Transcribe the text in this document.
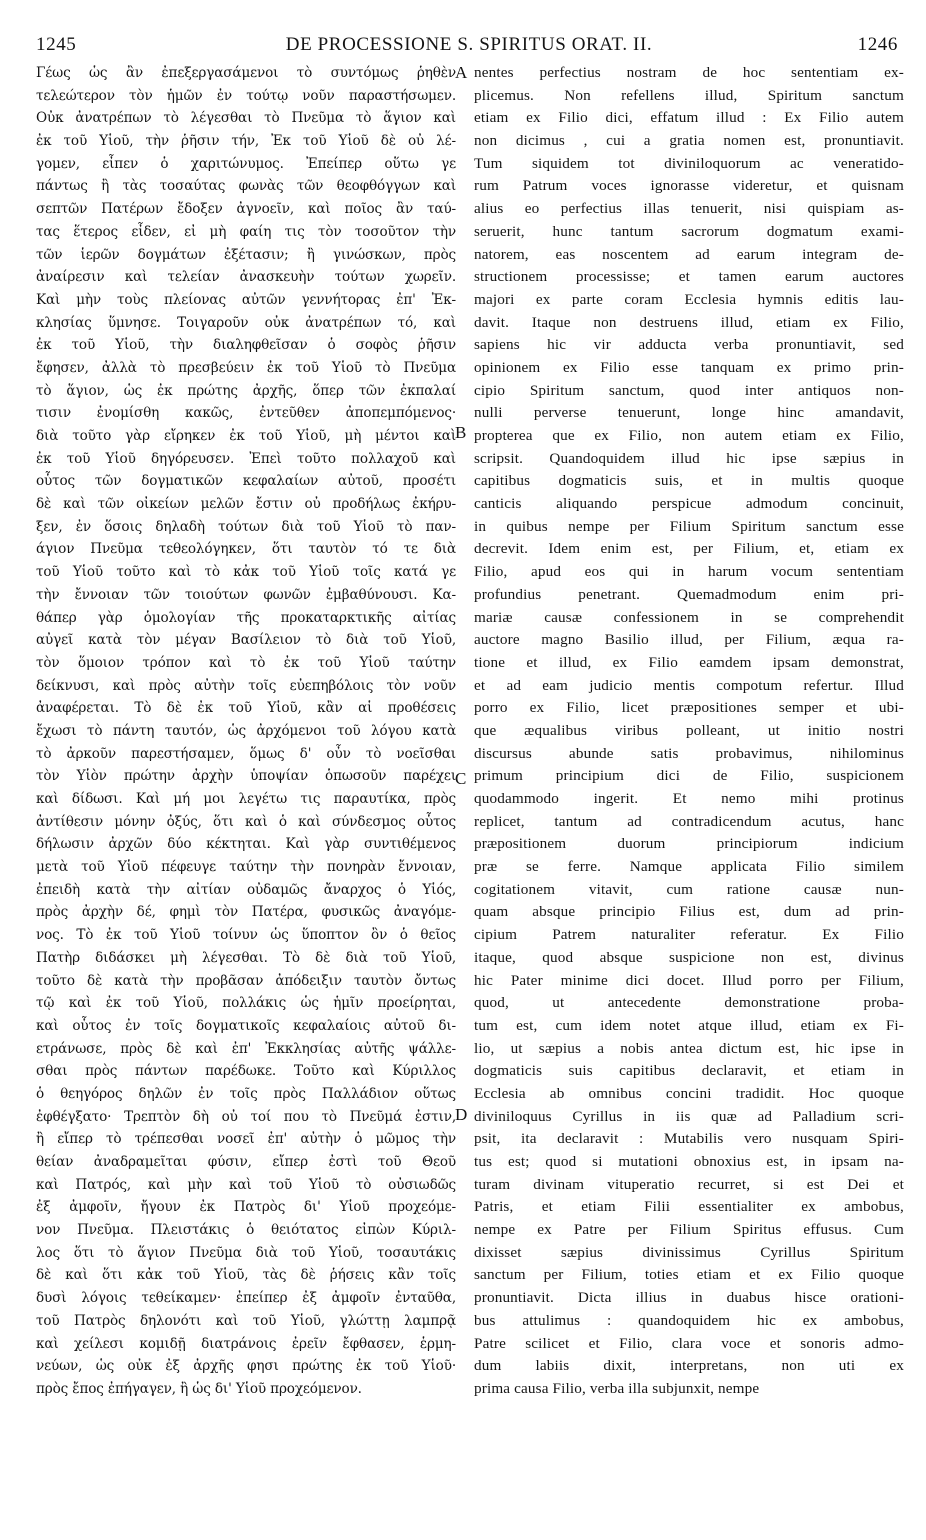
1245	DE PROCESSIONE S. SPIRITUS ORAT. II.	1246
Γέως ὡς ἂν ἐπεξεργασάμενοι τὸ συντόμως ῥηθὲν
τελεώτερον τὸν ἡμῶν ἐν τούτῳ νοῦν παραστήσωμεν.
Οὐκ ἀνατρέπων τὸ λέγεσθαι τὸ Πνεῦμα τὸ ἅγιον καὶ
ἐκ τοῦ Υἱοῦ, τὴν ῥῆσιν τήν, Ἐκ τοῦ Υἱοῦ δὲ οὐ λέ-
γομεν, εἶπεν ὁ χαριτώνυμος. Ἐπείπερ οὕτω γε
πάντως ἢ τὰς τοσαύτας φωνὰς τῶν θεοφθόγγων καὶ
σεπτῶν Πατέρων ἔδοξεν ἀγνοεῖν, καὶ ποῖος ἂν ταύ-
τας ἕτερος εἶδεν, εἰ μὴ φαίη τις τὸν τοσοῦτον τὴν
τῶν ἱερῶν δογμάτων ἐξέτασιν; ἢ γινώσκων, πρὸς
ἀναίρεσιν καὶ τελείαν ἀνασκευὴν τούτων χωρεῖν.
Καὶ μὴν τοὺς πλείονας αὐτῶν γεννήτορας ἐπ' Ἐκ-
κλησίας ὕμνησε. Τοιγαροῦν οὐκ ἀνατρέπων τό, καὶ
ἐκ τοῦ Υἱοῦ, τὴν διαληφθεῖσαν ὁ σοφὸς ῥῆσιν
ἔφησεν, ἀλλὰ τὸ πρεσβεύειν ἐκ τοῦ Υἱοῦ τὸ Πνεῦμα
τὸ ἅγιον, ὡς ἐκ πρώτης ἀρχῆς, ὅπερ τῶν ἐκπαλαί
τισιν ἐνομίσθη κακῶς, ἐντεῦθεν ἀποπεμπόμενος·
διὰ τοῦτο γὰρ εἴρηκεν ἐκ τοῦ Υἱοῦ, μὴ μέντοι καὶ
ἐκ τοῦ Υἱοῦ δηγόρευσεν. Ἐπεὶ τοῦτο πολλαχοῦ καὶ
οὗτος τῶν δογματικῶν κεφαλαίων αὐτοῦ, προσέτι
δὲ καὶ τῶν οἰκείων μελῶν ἔστιν οὐ προδήλως ἐκήρυ-
ξεν, ἐν ὅσοις δηλαδὴ τούτων διὰ τοῦ Υἱοῦ τὸ παν-
άγιον Πνεῦμα τεθεολόγηκεν, ὅτι ταυτὸν τό τε διὰ
τοῦ Υἱοῦ τοῦτο καὶ τὸ κἀκ τοῦ Υἱοῦ τοῖς κατά γε
τὴν ἔννοιαν τῶν τοιούτων φωνῶν ἐμβαθύνουσι. Κα-
θάπερ γὰρ ὁμολογίαν τῆς προκαταρκτικῆς αἰτίας
αὐγεῖ κατὰ τὸν μέγαν Βασίλειον τὸ διὰ τοῦ Υἱοῦ,
τὸν ὅμοιον τρόπον καὶ τὸ ἐκ τοῦ Υἱοῦ ταύτην
δείκνυσι, καὶ πρὸς αὐτὴν τοῖς εὐεπηβόλοις τὸν νοῦν
ἀναφέρεται. Τὸ δὲ ἐκ τοῦ Υἱοῦ, κἂν αἱ προθέσεις
ἔχωσι τὸ πάντη ταυτόν, ὡς ἀρχόμενοι τοῦ λόγου κατὰ
τὸ ἀρκοῦν παρεστήσαμεν, ὅμως δ' οὖν τὸ νοεῖσθαι
τὸν Υἱὸν πρώτην ἀρχὴν ὑποψίαν ὁπωσοῦν παρέχει
καὶ δίδωσι. Καὶ μή μοι λεγέτω τις παραυτίκα, πρὸς
ἀντίθεσιν μόνην ὀξύς, ὅτι καὶ ὁ καὶ σύνδεσμος οὗτος
δήλωσιν ἀρχῶν δύο κέκτηται. Καὶ γὰρ συντιθέμενος
μετὰ τοῦ Υἱοῦ πέφευγε ταύτην τὴν πονηρὰν ἔννοιαν,
ἐπειδὴ κατὰ τὴν αἰτίαν οὐδαμῶς ἄναρχος ὁ Υἱός,
πρὸς ἀρχὴν δέ, φημὶ τὸν Πατέρα, φυσικῶς ἀναγόμε-
νος. Τὸ ἐκ τοῦ Υἱοῦ τοίνυν ὡς ὕποπτον ὂν ὁ θεῖος
Πατὴρ διδάσκει μὴ λέγεσθαι. Τὸ δὲ διὰ τοῦ Υἱοῦ,
τοῦτο δὲ κατὰ τὴν προβᾶσαν ἀπόδειξιν ταυτὸν ὄντως
τῷ καὶ ἐκ τοῦ Υἱοῦ, πολλάκις ὡς ἡμῖν προείρηται,
καὶ οὗτος ἐν τοῖς δογματικοῖς κεφαλαίοις αὐτοῦ δι-
ετράνωσε, πρὸς δὲ καὶ ἐπ' Ἐκκλησίας αὐτῆς ψάλλε-
σθαι πρὸς πάντων παρέδωκε. Τοῦτο καὶ Κύριλλος
ὁ θεηγόρος δηλῶν ἐν τοῖς πρὸς Παλλάδιον οὕτως
ἐφθέγξατο· Τρεπτὸν δὴ οὐ τοί που τὸ Πνεῦμά ἐστιν,
ἢ εἴπερ τὸ τρέπεσθαι νοσεῖ ἐπ' αὐτὴν ὁ μῶμος τὴν
θείαν ἀναδραμεῖται φύσιν, εἴπερ ἐστὶ τοῦ Θεοῦ
καὶ Πατρός, καὶ μὴν καὶ τοῦ Υἱοῦ τὸ οὐσιωδῶς
ἐξ ἀμφοῖν, ἤγουν ἐκ Πατρὸς δι' Υἱοῦ προχεόμε-
νον Πνεῦμα. Πλειστάκις ὁ θειότατος εἰπὼν Κύριλ-
λος ὅτι τὸ ἅγιον Πνεῦμα διὰ τοῦ Υἱοῦ, τοσαυτάκις
δὲ καὶ ὅτι κἀκ τοῦ Υἱοῦ, τὰς δὲ ῥήσεις κἂν τοῖς
δυσὶ λόγοις τεθείκαμεν· ἐπείπερ ἐξ ἀμφοῖν ἐνταῦθα,
τοῦ Πατρὸς δηλονότι καὶ τοῦ Υἱοῦ, γλώττῃ λαμπρᾷ
καὶ χείλεσι κομιδῇ διατράνοις ἐρεῖν ἔφθασεν, ἑρμη-
νεύων, ὡς οὐκ ἐξ ἀρχῆς φησι πρώτης ἐκ τοῦ Υἱοῦ·
πρὸς ἔπος ἐπήγαγεν, ἢ ὡς δι' Υἱοῦ προχεόμενον.
nentes perfectius nostram de hoc sententiam ex-
plicemus. Non refellens illud, Spiritum sanctum
etiam ex Filio dici, effatum illud : Ex Filio autem
non dicimus , cui a gratia nomen est, pronuntiavit.
Tum siquidem tot diviniloquorum ac veneratido-
rum Patrum voces ignorasse videretur, et quisnam
alius eo perfectius illas tenuerit, nisi quispiam as-
seruerit, hunc tantum sacrorum dogmatum exami-
natorem, eas noscentem ad earum integram de-
structionem processisse; et tamen earum auctores
majori ex parte coram Ecclesia hymnis editis lau-
davit. Itaque non destruens illud, etiam ex Filio,
sapiens hic vir adducta verba pronuntiavit, sed
opinionem ex Filio esse tanquam ex primo prin-
cipio Spiritum sanctum, quod inter antiquos non-
nulli perverse tenuerunt, longe hinc amandavit,
propterea que ex Filio, non autem etiam ex Filio,
scripsit. Quandoquidem illud hic ipse sæpius in
capitibus dogmaticis suis, et in multis quoque
canticis aliquando perspicue admodum concinuit,
in quibus nempe per Filium Spiritum sanctum esse
decrevit. Idem enim est, per Filium, et, etiam ex
Filio, apud eos qui in harum vocum sententiam
profundius penetrant. Quemadmodum enim pri-
mariæ causæ confessionem in se comprehendit
auctore magno Basilio illud, per Filium, æqua ra-
tione et illud, ex Filio eamdem ipsam demonstrat,
et ad eam judicio mentis compotum refertur. Illud
porro ex Filio, licet præpositiones semper et ubi-
que æqualibus viribus polleant, ut initio nostri
discursus abunde satis probavimus, nihilominus
primum principium dici de Filio, suspicionem
quodammodo ingerit. Et nemo mihi protinus
replicet, tantum ad contradicendum acutus, hanc
præpositionem duorum principiorum indicium
præ se ferre. Namque applicata Filio similem
cogitationem vitavit, cum ratione causæ nun-
quam absque principio Filius est, dum ad prin-
cipium Patrem naturaliter referatur. Ex Filio
itaque, quod absque suspicione non est, divinus
hic Pater minime dici docet. Illud porro per Filium,
quod, ut antecedente demonstratione proba-
tum est, cum idem notet atque illud, etiam ex Fi-
lio, ut sæpius a nobis antea dictum est, hic ipse in
dogmaticis suis capitibus declaravit, et etiam in
Ecclesia ab omnibus concini tradidit. Hoc quoque
diviniloquus Cyrillus in iis quæ ad Palladium scri-
psit, ita declaravit : Mutabilis vero nusquam Spiri-
tus est; quod si mutationi obnoxius est, in ipsam na-
turam divinam vituperatio recurret, si est Dei et
Patris, et etiam Filii essentialiter ex ambobus,
nempe ex Patre per Filium Spiritus effusus. Cum
dixisset sæpius divinissimus Cyrillus Spiritum
sanctum per Filium, toties etiam et ex Filio quoque
pronuntiavit. Dicta illius in duabus hisce orationi-
bus attulimus : quandoquidem hic ex ambobus,
Patre scilicet et Filio, clara voce et sonoris admo-
dum labiis dixit, interpretans, non uti ex
prima causa Filio, verba illa subjunxit, nempe
A
B
C
D
